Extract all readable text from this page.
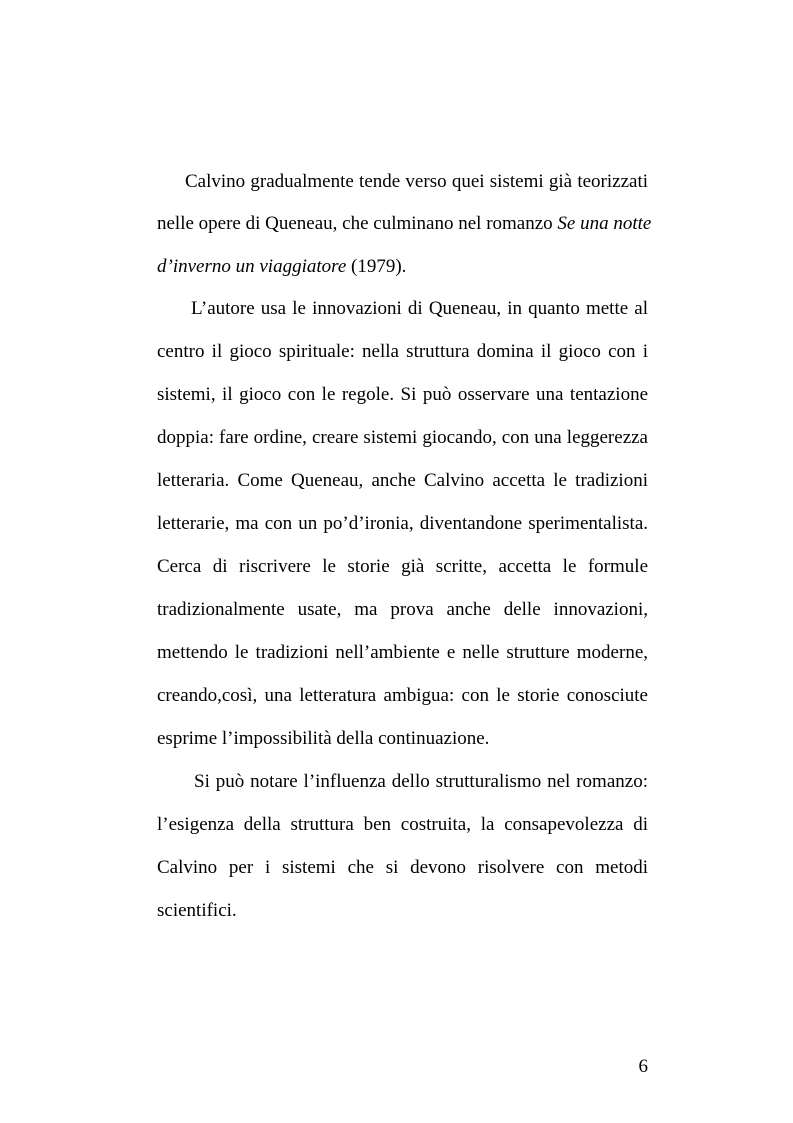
Calvino gradualmente tende verso quei sistemi già teorizzati
nelle opere di Queneau, che culminano nel romanzo Se una notte
d’inverno un viaggiatore (1979).
L’autore usa le innovazioni di Queneau, in quanto mette al
centro il gioco spirituale: nella struttura domina il gioco con i
sistemi, il gioco con le regole. Si può osservare una tentazione
doppia: fare ordine, creare sistemi giocando, con una leggerezza
letteraria. Come Queneau, anche Calvino accetta le tradizioni
letterarie, ma con un po’d’ironia, diventandone sperimentalista.
Cerca di riscrivere le storie già scritte, accetta le formule
tradizionalmente usate, ma prova anche delle innovazioni,
mettendo le tradizioni nell’ambiente e nelle strutture moderne,
creando,così, una letteratura ambigua: con le storie conosciute
esprime l’impossibilità della continuazione.
Si può notare l’influenza dello strutturalismo nel romanzo:
l’esigenza della struttura ben costruita, la consapevolezza di
Calvino per i sistemi che si devono risolvere con metodi
scientifici.
6
